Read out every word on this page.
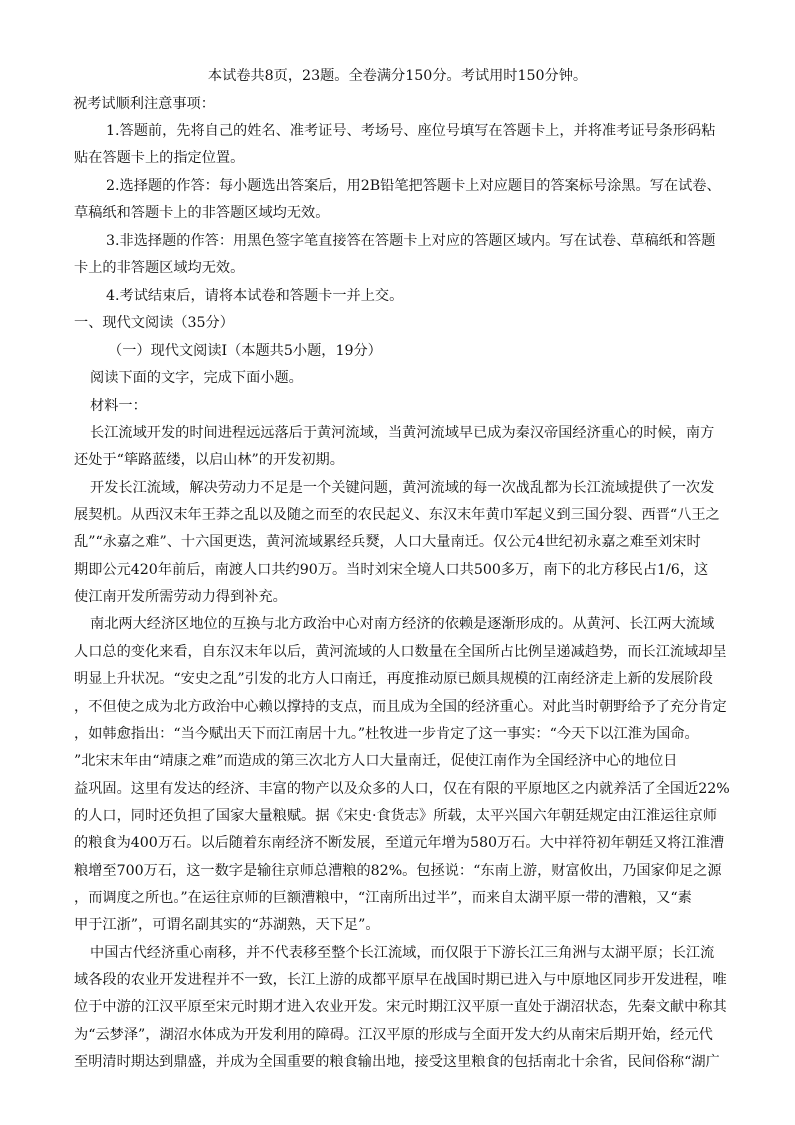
本试卷共8页，23题。全卷满分150分。考试用时150分钟。
祝考试顺利注意事项：
1.答题前，先将自己的姓名、准考证号、考场号、座位号填写在答题卡上，并将准考证号条形码粘
贴在答题卡上的指定位置。
2.选择题的作答：每小题选出答案后，用2B铅笔把答题卡上对应题目的答案标号涂黑。写在试卷、
草稿纸和答题卡上的非答题区域均无效。
3.非选择题的作答：用黑色签字笔直接答在答题卡上对应的答题区域内。写在试卷、草稿纸和答题
卡上的非答题区域均无效。
4.考试结束后，请将本试卷和答题卡一并上交。
一、现代文阅读（35分）
（一）现代文阅读Ⅰ（本题共5小题，19分）
阅读下面的文字，完成下面小题。
材料一：
长江流域开发的时间进程远远落后于黄河流域，当黄河流域早已成为秦汉帝国经济重心的时候，南方
还处于“筚路蓝缕，以启山林”的开发初期。
开发长江流域，解决劳动力不足是一个关键问题，黄河流域的每一次战乱都为长江流域提供了一次发
展契机。从西汉末年王莽之乱以及随之而至的农民起义、东汉末年黄巾军起义到三国分裂、西晋“八王之
乱”“永嘉之难”、十六国更迭，黄河流域累经兵燹，人口大量南迁。仅公元4世纪初永嘉之难至刘宋时
期即公元420年前后，南渡人口共约90万。当时刘宋全境人口共500多万，南下的北方移民占1/6，这
使江南开发所需劳动力得到补充。
南北两大经济区地位的互换与北方政治中心对南方经济的依赖是逐渐形成的。从黄河、长江两大流域
人口总的变化来看，自东汉末年以后，黄河流域的人口数量在全国所占比例呈递减趋势，而长江流域却呈
明显上升状况。“安史之乱”引发的北方人口南迁，再度推动原已颇具规模的江南经济走上新的发展阶段
，不但使之成为北方政治中心赖以撑持的支点，而且成为全国的经济重心。对此当时朝野给予了充分肯定
，如韩愈指出：“当今赋出天下而江南居十九。”杜牧进一步肯定了这一事实：“今天下以江淮为国命。
”北宋末年由“靖康之难”而造成的第三次北方人口大量南迁，促使江南作为全国经济中心的地位日
益巩固。这里有发达的经济、丰富的物产以及众多的人口，仅在有限的平原地区之内就养活了全国近22%
的人口，同时还负担了国家大量粮赋。据《宋史·食货志》所载，太平兴国六年朝廷规定由江淮运往京师
的粮食为400万石。以后随着东南经济不断发展，至道元年增为580万石。大中祥符初年朝廷又将江淮漕
粮增至700万石，这一数字是输往京师总漕粮的82%。包拯说：“东南上游，财富攸出，乃国家仰足之源
，而调度之所也。”在运往京师的巨额漕粮中，“江南所出过半”，而来自太湖平原一带的漕粮，又“素
甲于江浙”，可谓名副其实的“苏湖熟，天下足”。
中国古代经济重心南移，并不代表移至整个长江流域，而仅限于下游长江三角洲与太湖平原；长江流
域各段的农业开发进程并不一致，长江上游的成都平原早在战国时期已进入与中原地区同步开发进程，唯
位于中游的江汉平原至宋元时期才进入农业开发。宋元时期江汉平原一直处于湖沼状态，先秦文献中称其
为“云梦泽”，湖沼水体成为开发利用的障碍。江汉平原的形成与全面开发大约从南宋后期开始，经元代
至明清时期达到鼎盛，并成为全国重要的粮食输出地，接受这里粮食的包括南北十余省，民间俗称“湖广
